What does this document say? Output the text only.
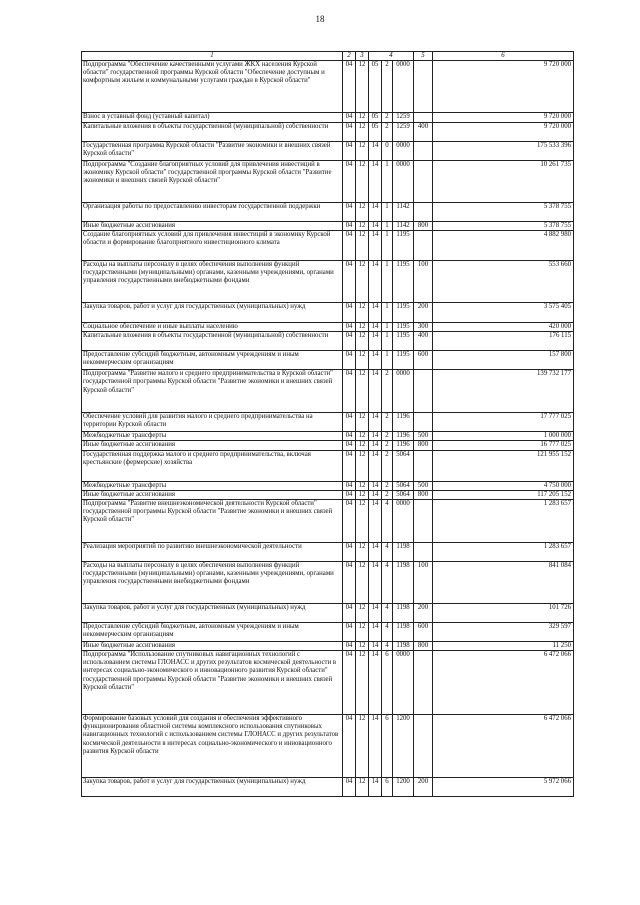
18
1	2	3	4			5	6
Подпрограмма "Обеспечение качественными услугами ЖКХ населения Курской области" государственной программы Курской области "Обеспечение доступным и комфортным жильем и коммунальными услугами граждан в Курской области"	04	12	05	2	0000		9 720 000
Взнос в уставный фонд (уставный капитал)	04	12	05	2	1259		9 720 000
Капитальные вложения в объекты государственной (муниципальной) собственности	04	12	05	2	1259	400	9 720 000
Государственная программа Курской области "Развитие экономики и внешних связей Курской области"	04	12	14	0	0000		175 533 396
Подпрограмма "Создание благоприятных условий для привлечения инвестиций в экономику Курской области" государственной программы Курской области "Развитие экономики и внешних связей Курской области"	04	12	14	1	0000		10 261 735
Организация работы по предоставлению инвесторам государственной поддержки	04	12	14	1	1142		5 378 755
Иные бюджетные ассигнования	04	12	14	1	1142	800	5 378 755
Создание благоприятных условий для привлечения инвестиций в экономику Курской области и формирование благоприятного инвестиционного климата	04	12	14	1	1195		4 882 980
Расходы на выплаты персоналу в целях обеспечения выполнения функций государственными (муниципальными) органами, казенными учреждениями, органами управления государственными внебюджетными фондами	04	12	14	1	1195	100	553 660
Закупка товаров, работ и услуг для государственных (муниципальных) нужд	04	12	14	1	1195	200	3 575 405
Социальное обеспечение и иные выплаты населению	04	12	14	1	1195	300	420 000
Капитальные вложения в объекты государственной (муниципальной) собственности	04	12	14	1	1195	400	176 115
Предоставление субсидий бюджетным, автономным учреждениям и иным некоммерческим организациям	04	12	14	1	1195	600	157 800
Подпрограмма "Развитие малого и среднего предпринимательства в Курской области" государственной программы Курской области "Развитие экономики и внешних связей Курской области"	04	12	14	2	0000		139 732 177
Обеспечение условий для развития малого и среднего предпринимательства на территории Курской области	04	12	14	2	1196		17 777 025
Межбюджетные трансферты	04	12	14	2	1196	500	1 000 000
Иные бюджетные ассигнования	04	12	14	2	1196	800	16 777 025
Государственная поддержка малого и среднего предпринимательства, включая крестьянские (фермерские) хозяйства	04	12	14	2	5064		121 955 152
Межбюджетные трансферты	04	12	14	2	5064	500	4 750 000
Иные бюджетные ассигнования	04	12	14	2	5064	800	117 205 152
Подпрограмма "Развитие внешнеэкономической деятельности Курской области" государственной программы Курской области "Развитие экономики и внешних связей Курской области"	04	12	14	4	0000		1 283 657
Реализация мероприятий по развитию внешнеэкономической деятельности	04	12	14	4	1198		1 283 657
Расходы на выплаты персоналу в целях обеспечения выполнения функций государственными (муниципальными) органами, казенными учреждениями, органами управления государственными внебюджетными фондами	04	12	14	4	1198	100	841 084
Закупка товаров, работ и услуг для государственных (муниципальных) нужд	04	12	14	4	1198	200	101 726
Предоставление субсидий бюджетным, автономным учреждениям и иным некоммерческим организациям	04	12	14	4	1198	600	329 597
Иные бюджетные ассигнования	04	12	14	4	1198	800	11 250
Подпрограмма "Использование спутниковых навигационных технологий с использованием системы ГЛОНАСС и других результатов космической деятельности в интересах социально-экономического и инновационного развития Курской области" государственной программы Курской области "Развитие экономики и внешних связей Курской области"	04	12	14	6	0000		6 472 066
Формирование базовых условий для создания и обеспечения эффективного функционирования областной системы комплексного использования спутниковых навигационных технологий с использованием системы ГЛОНАСС и других результатов космической деятельности в интересах социально-экономического и инновационного развития Курской области	04	12	14	6	1200		6 472 066
Закупка товаров, работ и услуг для государственных (муниципальных) нужд	04	12	14	6	1200	200	5 972 066
